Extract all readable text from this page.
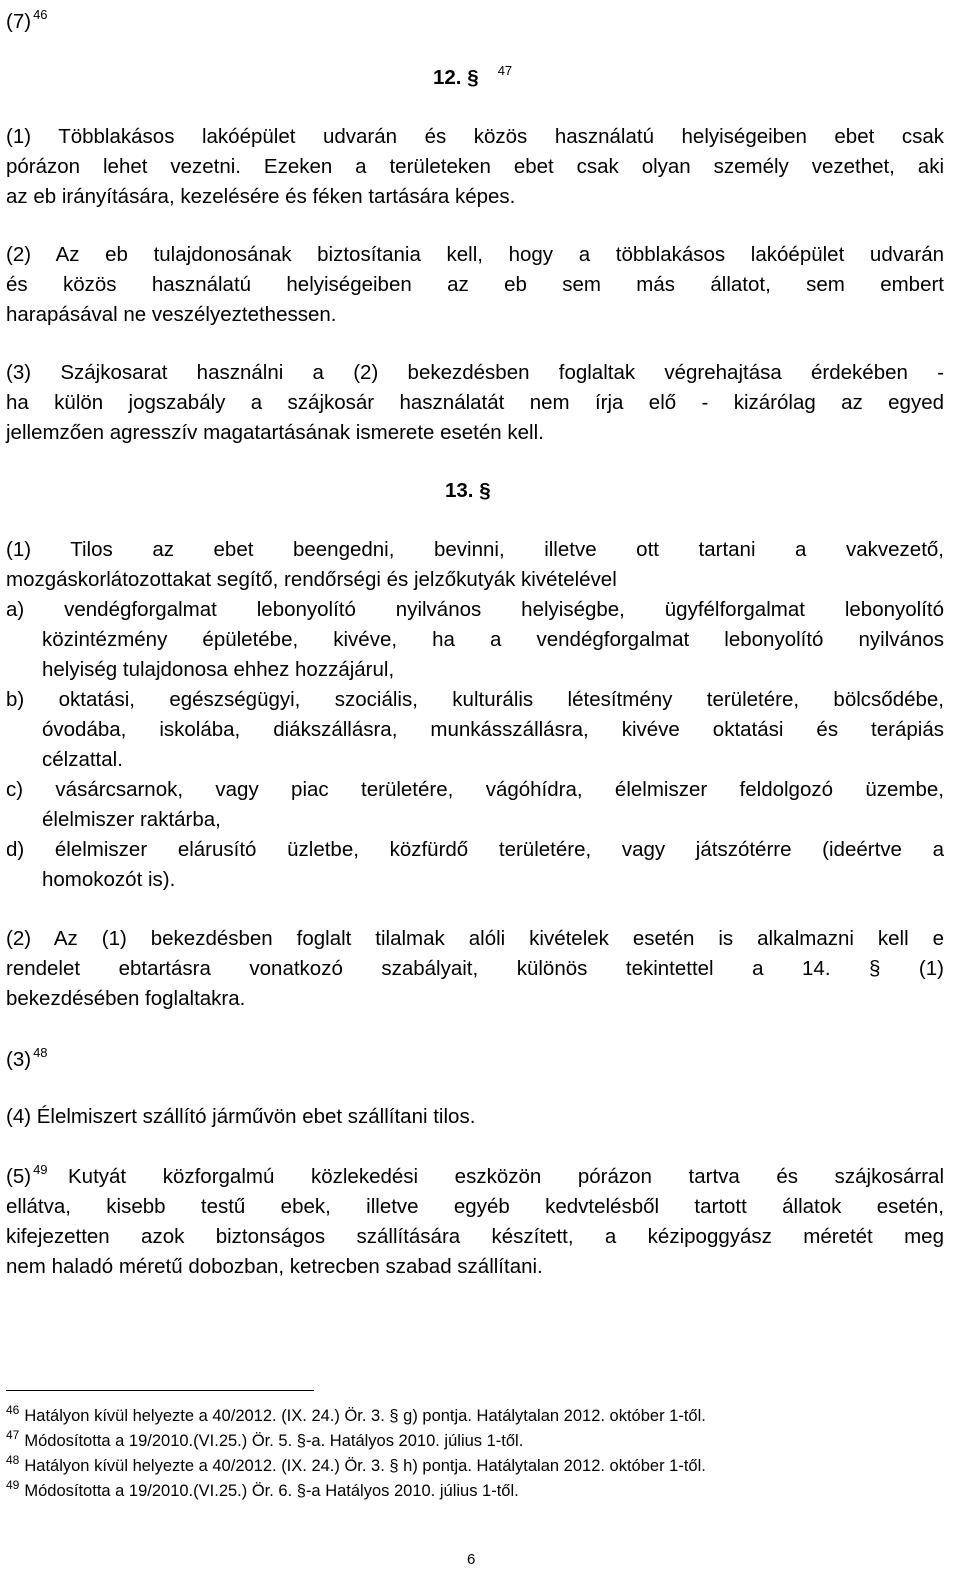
(7) $^{46}$
12. § $^{47}$
(1) Többlakásos lakóépület udvarán és közös használatú helyiségeiben ebet csak
pórázon lehet vezetni. Ezeken a területeken ebet csak olyan személy vezethet, aki
az eb irányítására, kezelésére és féken tartására képes.
(2) Az eb tulajdonosának biztosítania kell, hogy a többlakásos lakóépület udvarán
és közös használatú helyiségeiben az eb sem más állatot, sem embert
harapásával ne veszélyeztethessen.
(3) Szájkosarat használni a (2) bekezdésben foglaltak végrehajtása érdekében -
ha külön jogszabály a szájkosár használatát nem írja elő - kizárólag az egyed
jellemzően agresszív magatartásának ismerete esetén kell.
13. §
(1) Tilos az ebet beengedni, bevinni, illetve ott tartani a vakvezető,
mozgáskorlátozottakat segítő, rendőrségi és jelzőkutyák kivételével
a) vendégforgalmat lebonyolító nyilvános helyiségbe, ügyfélforgalmat lebonyolító
közintézmény épületébe, kivéve, ha a vendégforgalmat lebonyolító nyilvános
helyiség tulajdonosa ehhez hozzájárul,
b) oktatási, egészségügyi, szociális, kulturális létesítmény területére, bölcsődébe,
óvodába, iskolába, diákszállásra, munkásszállásra, kivéve oktatási és terápiás
célzattal.
c) vásárcsarnok, vagy piac területére, vágóhídra, élelmiszer feldolgozó üzembe,
élelmiszer raktárba,
d) élelmiszer elárusító üzletbe, közfürdő területére, vagy játszótérre (ideértve a
homokozót is).
(2) Az (1) bekezdésben foglalt tilalmak alóli kivételek esetén is alkalmazni kell e
rendelet ebtartásra vonatkozó szabályait, különös tekintettel a 14. § (1)
bekezdésében foglaltakra.
(3) $^{48}$
(4) Élelmiszert szállító járművön ebet szállítani tilos.
(5) $^{49}$ Kutyát közforgalmú közlekedési eszközön pórázon tartva és szájkosárral
ellátva, kisebb testű ebek, illetve egyéb kedvtelésből tartott állatok esetén,
kifejezetten azok biztonságos szállítására készített, a kézipoggyász méretét meg
nem haladó méretű dobozban, ketrecben szabad szállítani.
$^{46}$ Hatályon kívül helyezte a 40/2012. (IX. 24.) Ör. 3. § g) pontja. Hatálytalan 2012. október 1-től.
$^{47}$ Módosította a 19/2010.(VI.25.) Ör. 5. §-a. Hatályos 2010. július 1-től.
$^{48}$ Hatályon kívül helyezte a 40/2012. (IX. 24.) Ör. 3. § h) pontja. Hatálytalan 2012. október 1-től.
$^{49}$ Módosította a 19/2010.(VI.25.) Ör. 6. §-a Hatályos 2010. július 1-től.
6
